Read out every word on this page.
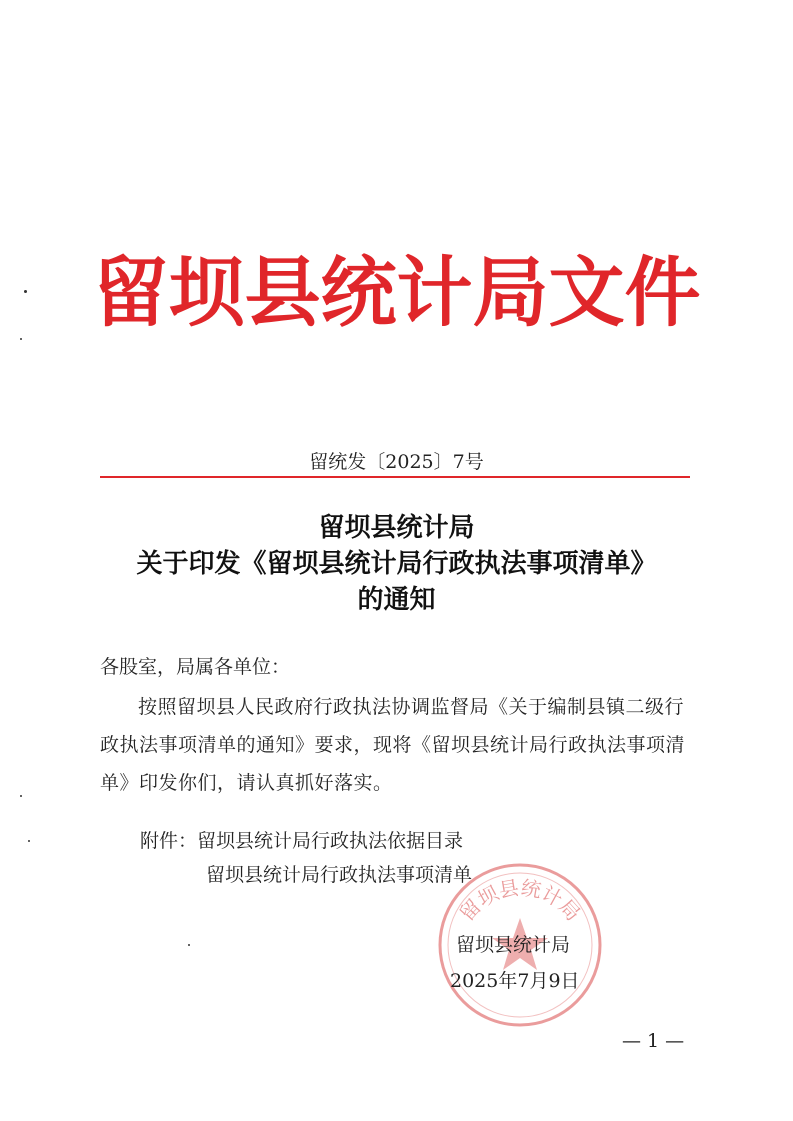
留坝县统计局文件
留统发〔2025〕7号
留坝县统计局
关于印发《留坝县统计局行政执法事项清单》
的通知
各股室，局属各单位：
按照留坝县人民政府行政执法协调监督局《关于编制县镇二级行政执法事项清单的通知》要求，现将《留坝县统计局行政执法事项清单》印发你们，请认真抓好落实。
附件：留坝县统计局行政执法依据目录
留坝县统计局行政执法事项清单
留坝县统计局
留坝县统计局
2025年7月9日
— 1 —
